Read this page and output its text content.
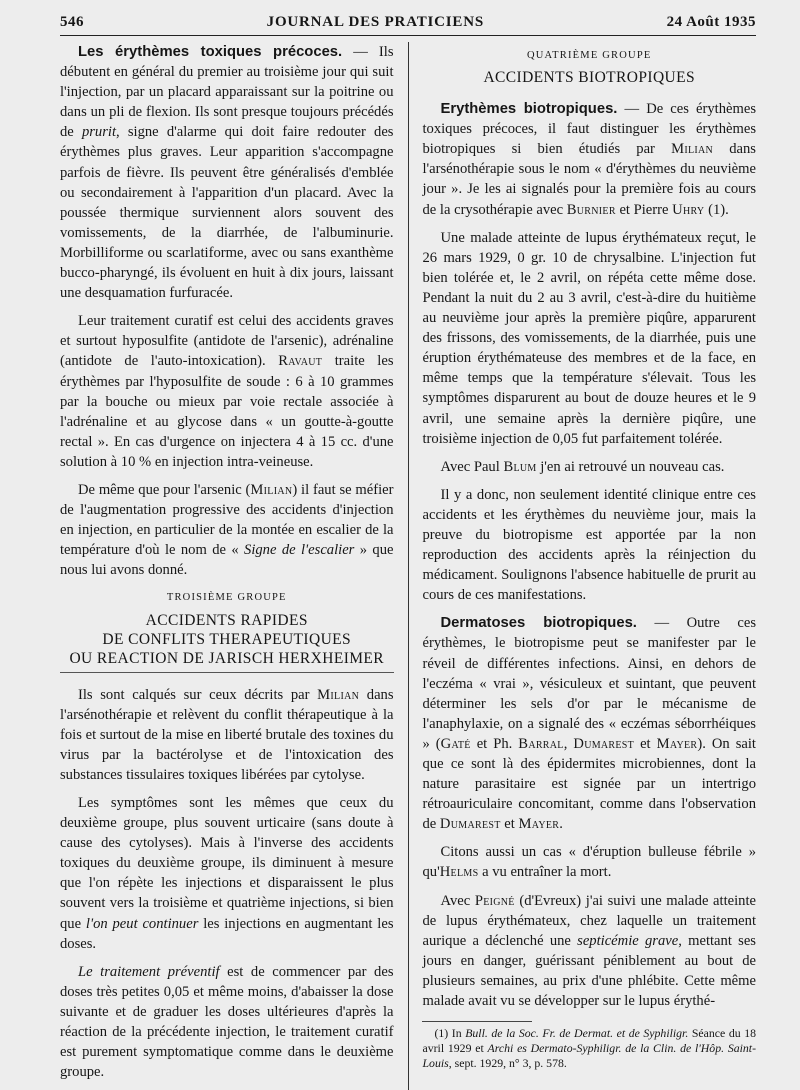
546	JOURNAL DES PRATICIENS	24 Août 1935

Les érythèmes toxiques précoces. — Ils débutent en général du premier au troisième jour qui suit l'injection, par un placard apparaissant sur la poitrine ou dans un pli de flexion. Ils sont presque toujours précédés de prurit, signe d'alarme qui doit faire redouter des érythèmes plus graves. Leur apparition s'accompagne parfois de fièvre. Ils peuvent être généralisés d'emblée ou secondairement à l'apparition d'un placard. Avec la poussée thermique surviennent alors souvent des vomissements, de la diarrhée, de l'albuminurie. Morbilliforme ou scarlatiforme, avec ou sans exanthème bucco-pharyngé, ils évoluent en huit à dix jours, laissant une desquamation furfuracée.

Leur traitement curatif est celui des accidents graves et surtout hyposulfite (antidote de l'arsenic), adrénaline (antidote de l'auto-intoxication). Ravaut traite les érythèmes par l'hyposulfite de soude : 6 à 10 grammes par la bouche ou mieux par voie rectale associée à l'adrénaline et au glycose dans « un goutte-à-goutte rectal ». En cas d'urgence on injectera 4 à 15 cc. d'une solution à 10 % en injection intra-veineuse.

De même que pour l'arsenic (Milian) il faut se méfier de l'augmentation progressive des accidents d'injection en injection, en particulier de la montée en escalier de la température d'où le nom de « Signe de l'escalier » que nous lui avons donné.

TROISIÈME GROUPE
ACCIDENTS RAPIDES
DE CONFLITS THERAPEUTIQUES
OU REACTION DE JARISCH HERXHEIMER

Ils sont calqués sur ceux décrits par Milian dans l'arsénothérapie et relèvent du conflit thérapeutique à la fois et surtout de la mise en liberté brutale des toxines du virus par la bactérolyse et de l'intoxication des substances tissulaires toxiques libérées par cytolyse.

Les symptômes sont les mêmes que ceux du deuxième groupe, plus souvent urticaire (sans doute à cause des cytolyses). Mais à l'inverse des accidents toxiques du deuxième groupe, ils diminuent à mesure que l'on répète les injections et disparaissent le plus souvent vers la troisième et quatrième injections, si bien que l'on peut continuer les injections en augmentant les doses.

Le traitement préventif est de commencer par des doses très petites 0,05 et même moins, d'abaisser la dose suivante et de graduer les doses ultérieures d'après la réaction de la précédente injection, le traitement curatif est purement symptomatique comme dans le deuxième groupe.

QUATRIÈME GROUPE
ACCIDENTS BIOTROPIQUES

Erythèmes biotropiques. — De ces érythèmes toxiques précoces, il faut distinguer les érythèmes biotropiques si bien étudiés par Milian dans l'arsénothérapie sous le nom « d'érythèmes du neuvième jour ». Je les ai signalés pour la première fois au cours de la crysothérapie avec Burnier et Pierre Uhry (1).

Une malade atteinte de lupus érythémateux reçut, le 26 mars 1929, 0 gr. 10 de chrysalbine. L'injection fut bien tolérée et, le 2 avril, on répéta cette même dose. Pendant la nuit du 2 au 3 avril, c'est-à-dire du huitième au neuvième jour après la première piqûre, apparurent des frissons, des vomissements, de la diarrhée, puis une éruption érythémateuse des membres et de la face, en même temps que la température s'élevait. Tous les symptômes disparurent au bout de douze heures et le 9 avril, une semaine après la dernière piqûre, une troisième injection de 0,05 fut parfaitement tolérée.

Avec Paul Blum j'en ai retrouvé un nouveau cas.

Il y a donc, non seulement identité clinique entre ces accidents et les érythèmes du neuvième jour, mais la preuve du biotropisme est apportée par la non reproduction des accidents après la réinjection du médicament. Soulignons l'absence habituelle de prurit au cours de ces manifestations.

Dermatoses biotropiques. — Outre ces érythèmes, le biotropisme peut se manifester par le réveil de différentes infections. Ainsi, en dehors de l'eczéma « vrai », vésiculeux et suintant, que peuvent déterminer les sels d'or par le mécanisme de l'anaphylaxie, on a signalé des « eczémas séborrhéiques » (Gaté et Ph. Barral, Dumarest et Mayer). On sait que ce sont là des épidermites microbiennes, dont la nature parasitaire est signée par un intertrigo rétroauriculaire concomitant, comme dans l'observation de Dumarest et Mayer.

Citons aussi un cas « d'éruption bulleuse fébrile » qu'Helms a vu entraîner la mort.

Avec Peigné (d'Evreux) j'ai suivi une malade atteinte de lupus érythémateux, chez laquelle un traitement aurique a déclenché une septicémie grave, mettant ses jours en danger, guérissant péniblement au bout de plusieurs semaines, au prix d'une phlébite. Cette même malade avait vu se développer sur le lupus érythé-

(1) In Bull. de la Soc. Fr. de Dermat. et de Syphiligr. Séance du 18 avril 1929 et Archi es Dermato-Syphiligr. de la Clin. de l'Hôp. Saint-Louis, sept. 1929, n° 3, p. 578.
